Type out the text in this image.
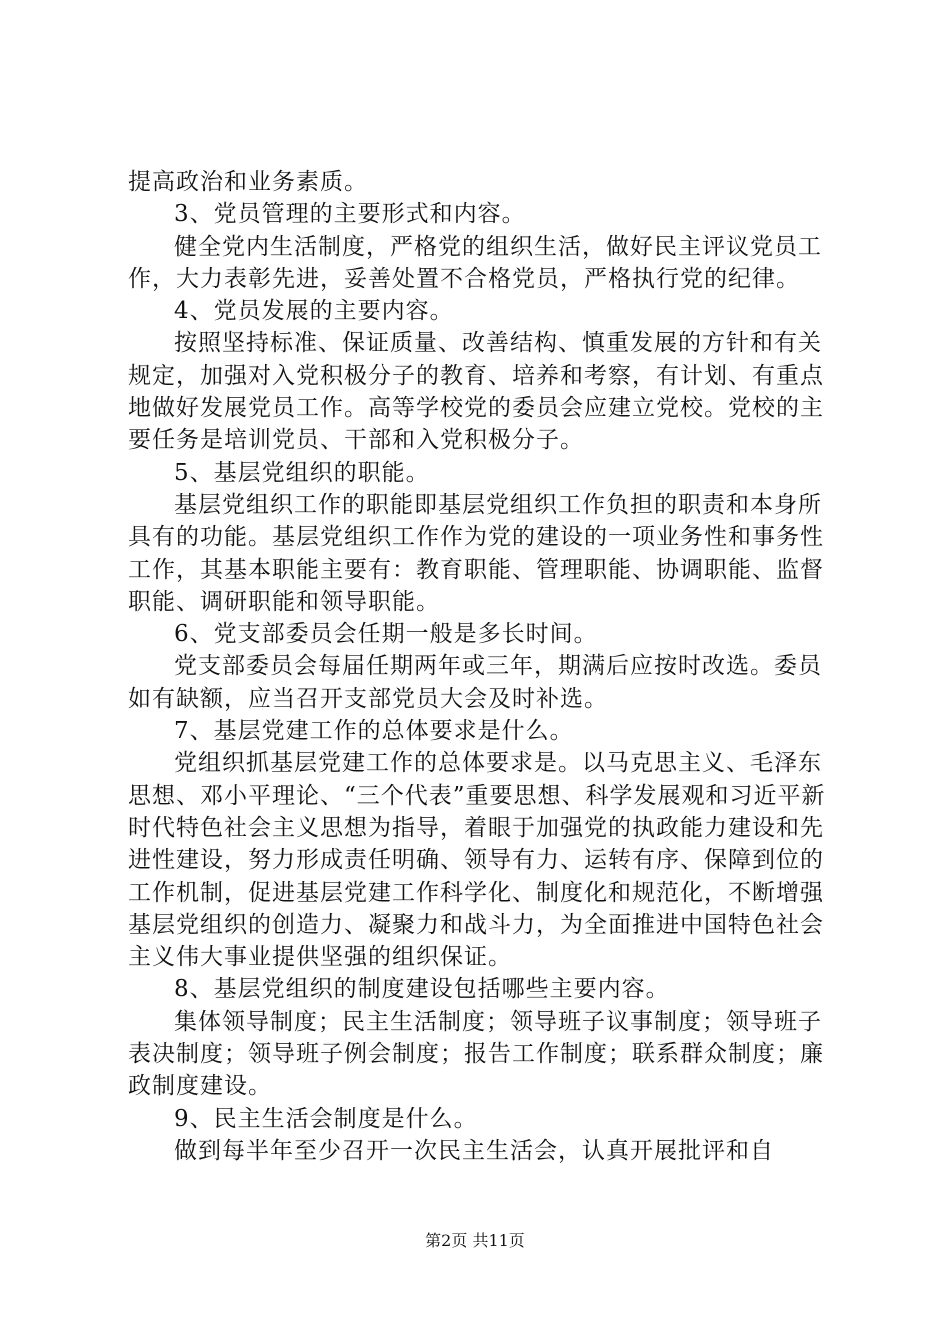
提高政治和业务素质。

3、党员管理的主要形式和内容。

健全党内生活制度，严格党的组织生活，做好民主评议党员工作，大力表彰先进，妥善处置不合格党员，严格执行党的纪律。

4、党员发展的主要内容。

按照坚持标准、保证质量、改善结构、慎重发展的方针和有关规定，加强对入党积极分子的教育、培养和考察，有计划、有重点地做好发展党员工作。高等学校党的委员会应建立党校。党校的主要任务是培训党员、干部和入党积极分子。

5、基层党组织的职能。

基层党组织工作的职能即基层党组织工作负担的职责和本身所具有的功能。基层党组织工作作为党的建设的一项业务性和事务性工作，其基本职能主要有：教育职能、管理职能、协调职能、监督职能、调研职能和领导职能。

6、党支部委员会任期一般是多长时间。

党支部委员会每届任期两年或三年，期满后应按时改选。委员如有缺额，应当召开支部党员大会及时补选。

7、基层党建工作的总体要求是什么。

党组织抓基层党建工作的总体要求是。以马克思主义、毛泽东思想、邓小平理论、“三个代表”重要思想、科学发展观和习近平新时代特色社会主义思想为指导，着眼于加强党的执政能力建设和先进性建设，努力形成责任明确、领导有力、运转有序、保障到位的工作机制，促进基层党建工作科学化、制度化和规范化，不断增强基层党组织的创造力、凝聚力和战斗力，为全面推进中国特色社会主义伟大事业提供坚强的组织保证。

8、基层党组织的制度建设包括哪些主要内容。

集体领导制度；民主生活制度；领导班子议事制度；领导班子表决制度；领导班子例会制度；报告工作制度；联系群众制度；廉政制度建设。

9、民主生活会制度是什么。

做到每半年至少召开一次民主生活会，认真开展批评和自

第2页 共11页
